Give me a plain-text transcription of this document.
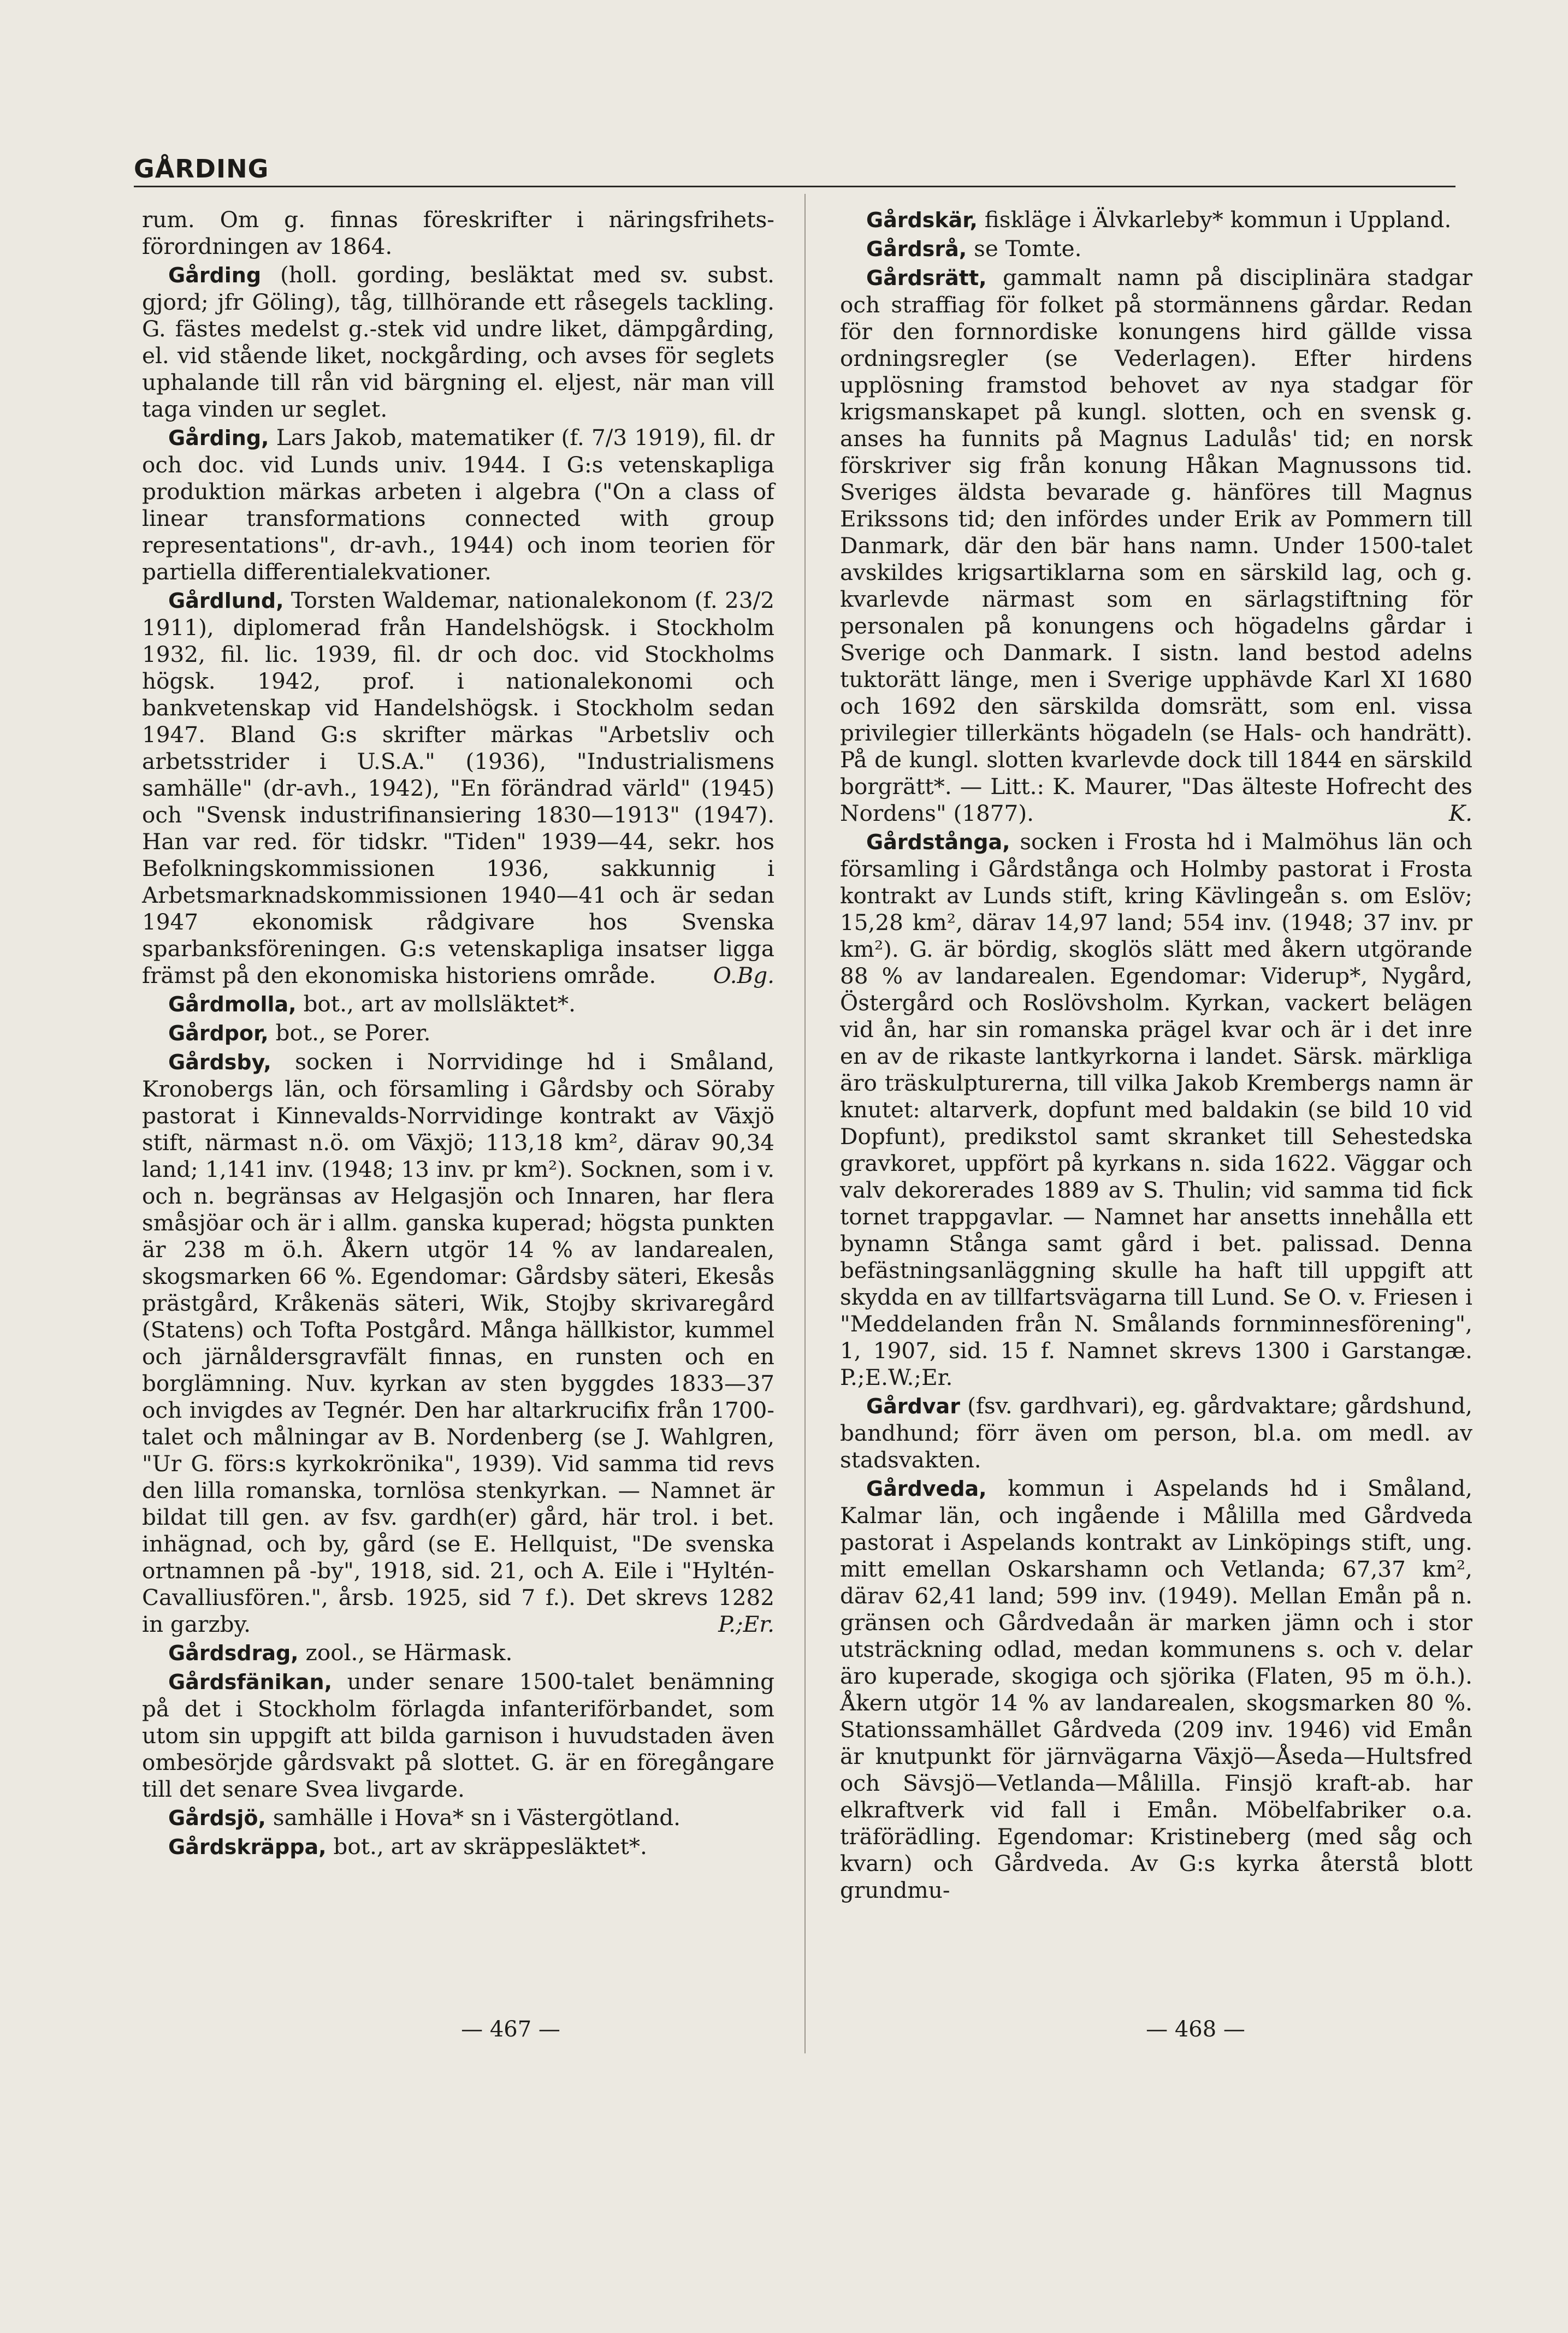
GÅRDING

rum. Om g. finnas föreskrifter i näringsfrihets-förordningen av 1864.

Gårding (holl. gording, besläktat med sv. subst. gjord; jfr Göling), tåg, tillhörande ett råsegels tackling. G. fästes medelst g.-stek vid undre liket, dämpgårding, el. vid stående liket, nockgårding, och avses för seglets uphalande till rån vid bärgning el. eljest, när man vill taga vinden ur seglet.

Gårding, Lars Jakob, matematiker (f. 7/3 1919), fil. dr och doc. vid Lunds univ. 1944. I G:s vetenskapliga produktion märkas arbeten i algebra ("On a class of linear transformations connected with group representations", dr-avh., 1944) och inom teorien för partiella differentialekvationer.

Gårdlund, Torsten Waldemar, nationalekonom (f. 23/2 1911), diplomerad från Handelshögsk. i Stockholm 1932, fil. lic. 1939, fil. dr och doc. vid Stockholms högsk. 1942, prof. i nationalekonomi och bankvetenskap vid Handelshögsk. i Stockholm sedan 1947. Bland G:s skrifter märkas "Arbetsliv och arbetsstrider i U.S.A." (1936), "Industrialismens samhälle" (dr-avh., 1942), "En förändrad värld" (1945) och "Svensk industrifinansiering 1830—1913" (1947). Han var red. för tidskr. "Tiden" 1939—44, sekr. hos Befolkningskommissionen 1936, sakkunnig i Arbetsmarknadskommissionen 1940—41 och är sedan 1947 ekonomisk rådgivare hos Svenska sparbanksföreningen. G:s vetenskapliga insatser ligga främst på den ekonomiska historiens område.	O.Bg.

Gårdmolla, bot., art av mollsläktet*.

Gårdpor, bot., se Porer.

Gårdsby, socken i Norrvidinge hd i Småland, Kronobergs län, och församling i Gårdsby och Söraby pastorat i Kinnevalds-Norrvidinge kontrakt av Växjö stift, närmast n.ö. om Växjö; 113,18 km², därav 90,34 land; 1,141 inv. (1948; 13 inv. pr km²). Socknen, som i v. och n. begränsas av Helgasjön och Innaren, har flera småsjöar och är i allm. ganska kuperad; högsta punkten är 238 m ö.h. Åkern utgör 14 % av landarealen, skogsmarken 66 %. Egendomar: Gårdsby säteri, Ekesås prästgård, Kråkenäs säteri, Wik, Stojby skrivaregård (Statens) och Tofta Postgård. Många hällkistor, kummel och järnåldersgravfält finnas, en runsten och en borglämning. Nuv. kyrkan av sten byggdes 1833—37 och invigdes av Tegnér. Den har altarkrucifix från 1700-talet och målningar av B. Nordenberg (se J. Wahlgren, "Ur G. förs:s kyrkokrönika", 1939). Vid samma tid revs den lilla romanska, tornlösa stenkyrkan. — Namnet är bildat till gen. av fsv. gardh(er) gård, här trol. i bet. inhägnad, och by, gård (se E. Hellquist, "De svenska ortnamnen på -by", 1918, sid. 21, och A. Eile i "Hyltén-Cavalliusfören.", årsb. 1925, sid 7 f.). Det skrevs 1282 in garzby.	P.;Er.

Gårdsdrag, zool., se Härmask.

Gårdsfänikan, under senare 1500-talet benämning på det i Stockholm förlagda infanteriförbandet, som utom sin uppgift att bilda garnison i huvudstaden även ombesörjde gårdsvakt på slottet. G. är en föregångare till det senare Svea livgarde.

Gårdsjö, samhälle i Hova* sn i Västergötland.

Gårdskräppa, bot., art av skräppesläktet*.

Gårdskär, fiskläge i Älvkarleby* kommun i Uppland.

Gårdsrå, se Tomte.

Gårdsrätt, gammalt namn på disciplinära stadgar och straffiag för folket på stormännens gårdar. Redan för den fornnordiske konungens hird gällde vissa ordningsregler (se Vederlagen). Efter hirdens upplösning framstod behovet av nya stadgar för krigsmanskapet på kungl. slotten, och en svensk g. anses ha funnits på Magnus Ladulås' tid; en norsk förskriver sig från konung Håkan Magnussons tid. Sveriges äldsta bevarade g. hänföres till Magnus Erikssons tid; den infördes under Erik av Pommern till Danmark, där den bär hans namn. Under 1500-talet avskildes krigsartiklarna som en särskild lag, och g. kvarlevde närmast som en särlagstiftning för personalen på konungens och högadelns gårdar i Sverige och Danmark. I sistn. land bestod adelns tuktorätt länge, men i Sverige upphävde Karl XI 1680 och 1692 den särskilda domsrätt, som enl. vissa privilegier tillerkänts högadeln (se Hals- och handrätt). På de kungl. slotten kvarlevde dock till 1844 en särskild borgrätt*. — Litt.: K. Maurer, "Das älteste Hofrecht des Nordens" (1877).	K.

Gårdstånga, socken i Frosta hd i Malmöhus län och församling i Gårdstånga och Holmby pastorat i Frosta kontrakt av Lunds stift, kring Kävlingeån s. om Eslöv; 15,28 km², därav 14,97 land; 554 inv. (1948; 37 inv. pr km²). G. är bördig, skoglös slätt med åkern utgörande 88 % av landarealen. Egendomar: Viderup*, Nygård, Östergård och Roslövsholm. Kyrkan, vackert belägen vid ån, har sin romanska prägel kvar och är i det inre en av de rikaste lantkyrkorna i landet. Särsk. märkliga äro träskulpturerna, till vilka Jakob Krembergs namn är knutet: altarverk, dopfunt med baldakin (se bild 10 vid Dopfunt), predikstol samt skranket till Sehestedska gravkoret, uppfört på kyrkans n. sida 1622. Väggar och valv dekorerades 1889 av S. Thulin; vid samma tid fick tornet trappgavlar. — Namnet har ansetts innehålla ett bynamn Stånga samt gård i bet. palissad. Denna befästningsanläggning skulle ha haft till uppgift att skydda en av tillfartsvägarna till Lund. Se O. v. Friesen i "Meddelanden från N. Smålands fornminnesförening", 1, 1907, sid. 15 f. Namnet skrevs 1300 i Garstangæ. P.;E.W.;Er.

Gårdvar (fsv. gardhvari), eg. gårdvaktare; gårdshund, bandhund; förr även om person, bl.a. om medl. av stadsvakten.

Gårdveda, kommun i Aspelands hd i Småland, Kalmar län, och ingående i Målilla med Gårdveda pastorat i Aspelands kontrakt av Linköpings stift, ung. mitt emellan Oskarshamn och Vetlanda; 67,37 km², därav 62,41 land; 599 inv. (1949). Mellan Emån på n. gränsen och Gårdvedaån är marken jämn och i stor utsträckning odlad, medan kommunens s. och v. delar äro kuperade, skogiga och sjörika (Flaten, 95 m ö.h.). Åkern utgör 14 % av landarealen, skogsmarken 80 %. Stationssamhället Gårdveda (209 inv. 1946) vid Emån är knutpunkt för järnvägarna Växjö—Åseda—Hultsfred och Sävsjö—Vetlanda—Målilla. Finsjö kraft-ab. har elkraftverk vid fall i Emån. Möbelfabriker o.a. träförädling. Egendomar: Kristineberg (med såg och kvarn) och Gårdveda. Av G:s kyrka återstå blott grundmu-

— 467 —	— 468 —
